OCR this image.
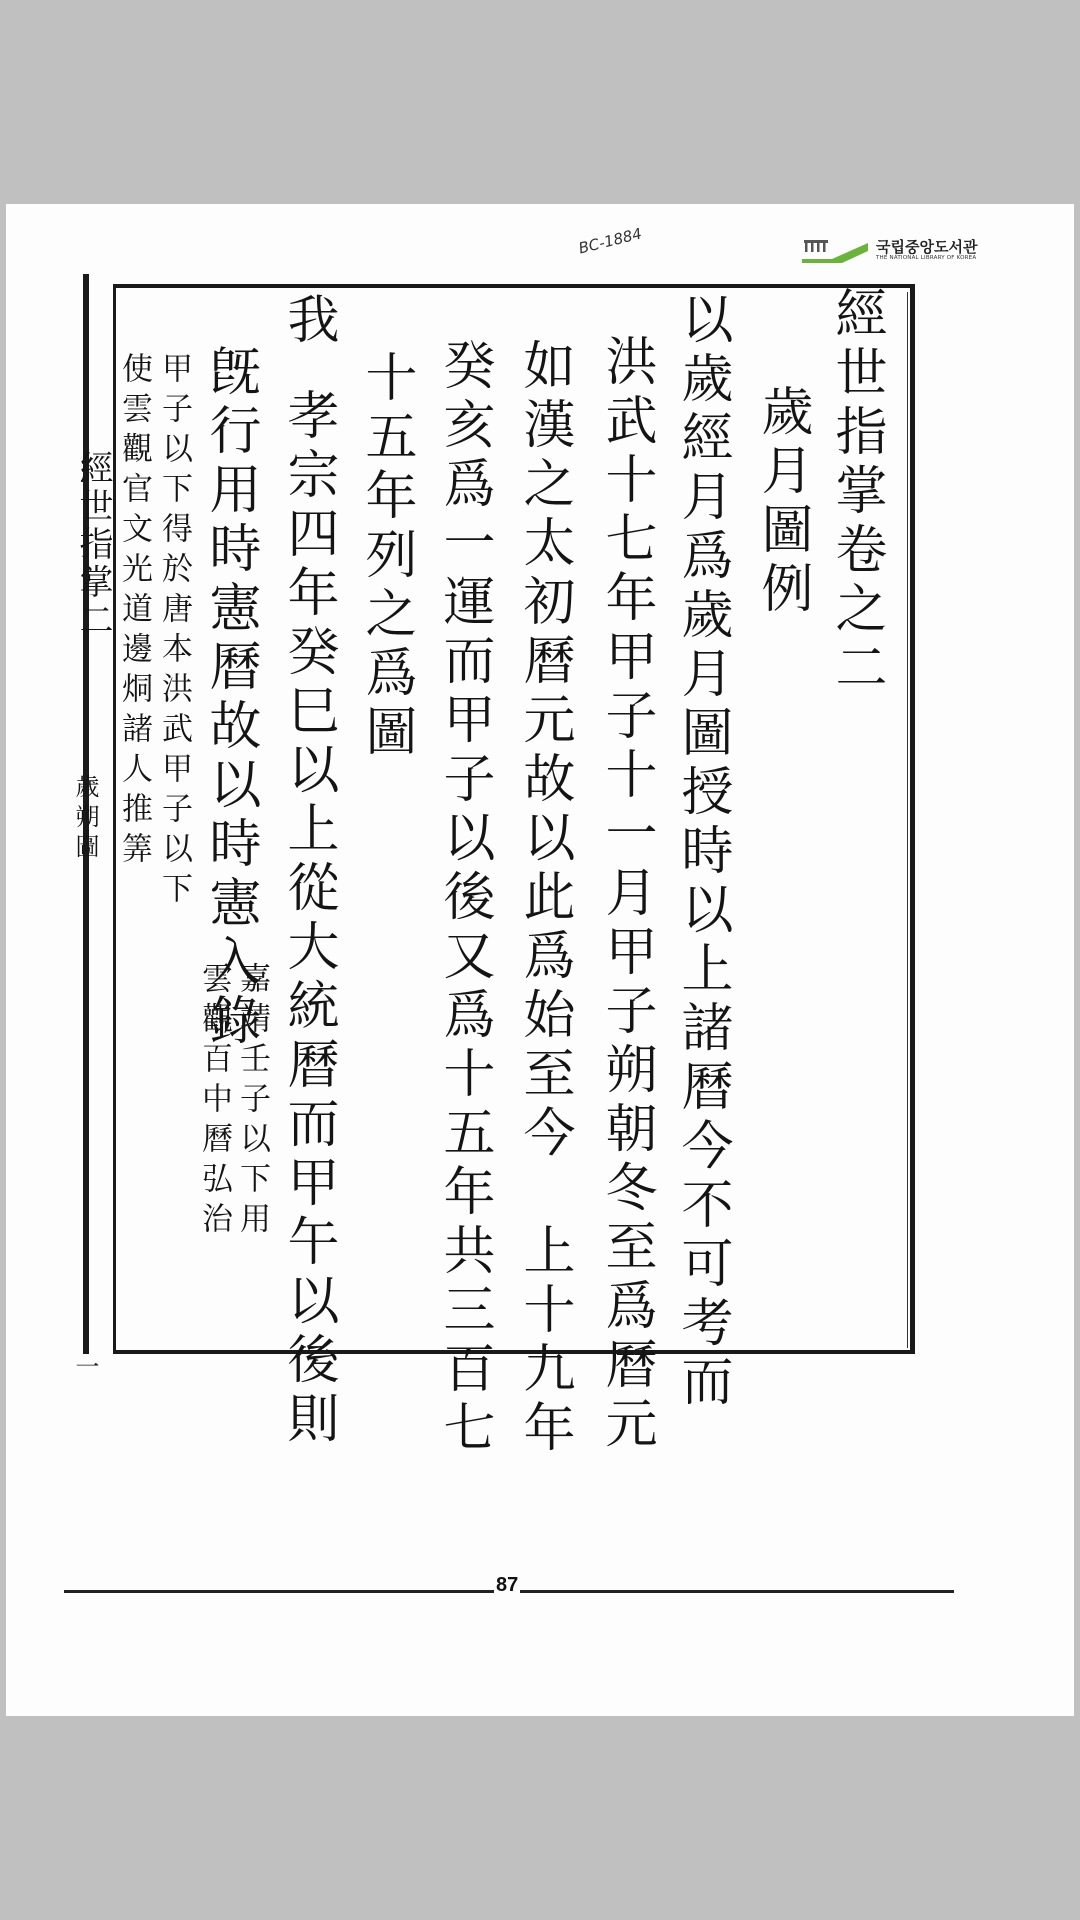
국립중앙도서관
THE NATIONAL LIBRARY OF KOREA
BC-1884
經世指掌二
歲朔圖
一
經世指掌卷之二
歲月圖例
以歲經月爲歲月圖授時以上諸曆今不可考而
洪武十七年甲子十一月甲子朔朝冬至爲曆元
如漢之太初曆元故以此爲始至今　上十九年
癸亥爲一運而甲子以後又爲十五年共三百七
十五年列之爲圖
我
孝宗四年癸巳以上從大統曆而甲午以後則
旣行用時憲曆故以時憲入錄
嘉靖壬子以下用
雲觀百中曆弘治
甲子以下得於唐本洪武甲子以下
使雲觀官文光道邊烔諸人推筭
87
